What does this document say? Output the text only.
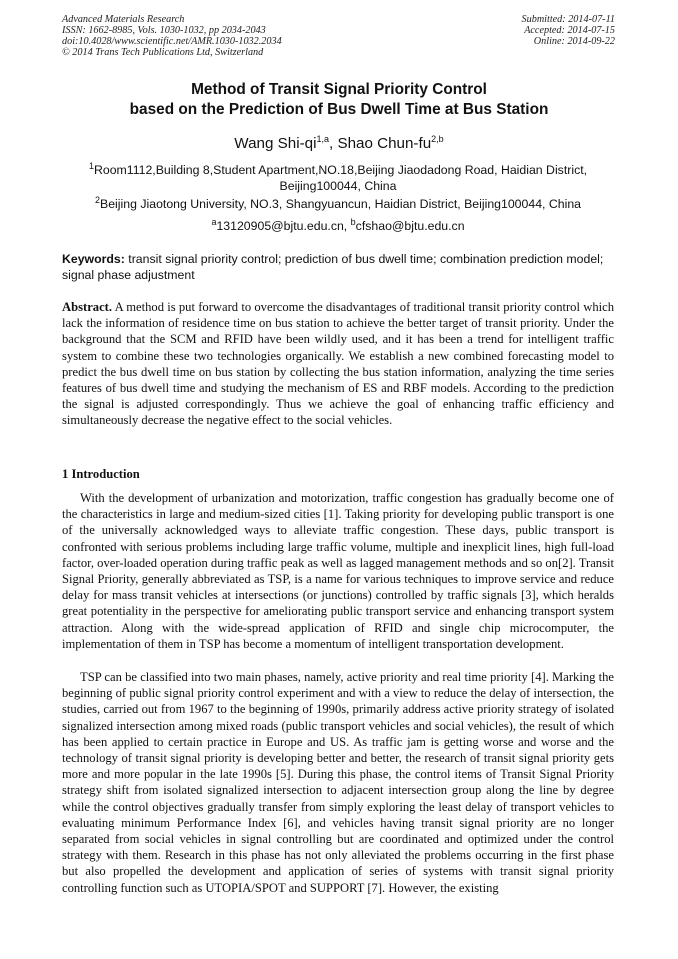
Advanced Materials Research
ISSN: 1662-8985, Vols. 1030-1032, pp 2034-2043
doi:10.4028/www.scientific.net/AMR.1030-1032.2034
© 2014 Trans Tech Publications Ltd, Switzerland
Submitted: 2014-07-11
Accepted: 2014-07-15
Online: 2014-09-22
Method of Transit Signal Priority Control
based on the Prediction of Bus Dwell Time at Bus Station
Wang Shi-qi$^{1,a}$, Shao Chun-fu$^{2,b}$
$^1$Room1112,Building 8,Student Apartment,NO.18,Beijing Jiaodadong Road, Haidian District, Beijing100044, China
$^2$Beijing Jiaotong University, NO.3, Shangyuancun, Haidian District, Beijing100044, China
$^a$13120905@bjtu.edu.cn, $^b$cfshao@bjtu.edu.cn
Keywords: transit signal priority control; prediction of bus dwell time; combination prediction model; signal phase adjustment
Abstract. A method is put forward to overcome the disadvantages of traditional transit priority control which lack the information of residence time on bus station to achieve the better target of transit priority. Under the background that the SCM and RFID have been wildly used, and it has been a trend for intelligent traffic system to combine these two technologies organically. We establish a new combined forecasting model to predict the bus dwell time on bus station by collecting the bus station information, analyzing the time series features of bus dwell time and studying the mechanism of ES and RBF models. According to the prediction the signal is adjusted correspondingly. Thus we achieve the goal of enhancing traffic efficiency and simultaneously decrease the negative effect to the social vehicles.
1 Introduction
With the development of urbanization and motorization, traffic congestion has gradually become one of the characteristics in large and medium-sized cities [1]. Taking priority for developing public transport is one of the universally acknowledged ways to alleviate traffic congestion. These days, public transport is confronted with serious problems including large traffic volume, multiple and inexplicit lines, high full-load factor, over-loaded operation during traffic peak as well as lagged management methods and so on[2]. Transit Signal Priority, generally abbreviated as TSP, is a name for various techniques to improve service and reduce delay for mass transit vehicles at intersections (or junctions) controlled by traffic signals [3], which heralds great potentiality in the perspective for ameliorating public transport service and enhancing transport system attraction. Along with the wide-spread application of RFID and single chip microcomputer, the implementation of them in TSP has become a momentum of intelligent transportation development.
TSP can be classified into two main phases, namely, active priority and real time priority [4]. Marking the beginning of public signal priority control experiment and with a view to reduce the delay of intersection, the studies, carried out from 1967 to the beginning of 1990s, primarily address active priority strategy of isolated signalized intersection among mixed roads (public transport vehicles and social vehicles), the result of which has been applied to certain practice in Europe and US. As traffic jam is getting worse and worse and the technology of transit signal priority is developing better and better, the research of transit signal priority gets more and more popular in the late 1990s [5]. During this phase, the control items of Transit Signal Priority strategy shift from isolated signalized intersection to adjacent intersection group along the line by degree while the control objectives gradually transfer from simply exploring the least delay of transport vehicles to evaluating minimum Performance Index [6], and vehicles having transit signal priority are no longer separated from social vehicles in signal controlling but are coordinated and optimized under the control strategy with them. Research in this phase has not only alleviated the problems occurring in the first phase but also propelled the development and application of series of systems with transit signal priority controlling function such as UTOPIA/SPOT and SUPPORT [7]. However, the existing
